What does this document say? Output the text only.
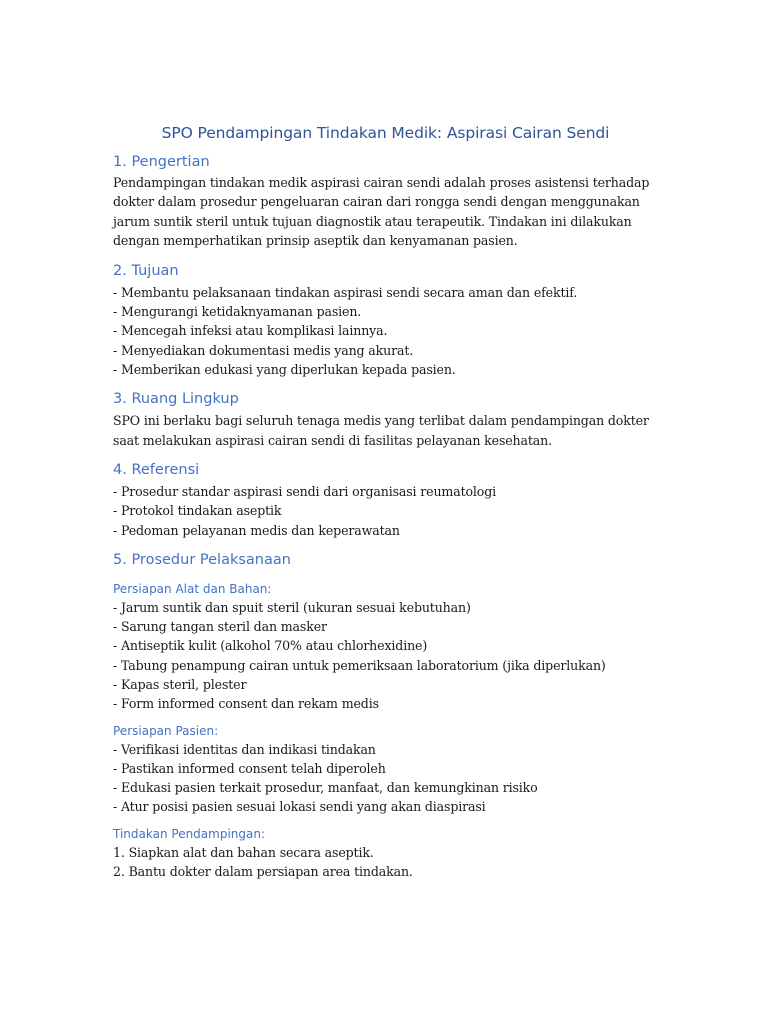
SPO Pendampingan Tindakan Medik: Aspirasi Cairan Sendi
1. Pengertian

Pendampingan tindakan medik aspirasi cairan sendi adalah proses asistensi terhadap dokter dalam prosedur pengeluaran cairan dari rongga sendi dengan menggunakan jarum suntik steril untuk tujuan diagnostik atau terapeutik. Tindakan ini dilakukan dengan memperhatikan prinsip aseptik dan kenyamanan pasien.

2. Tujuan
- Membantu pelaksanaan tindakan aspirasi sendi secara aman dan efektif.
- Mengurangi ketidaknyamanan pasien.
- Mencegah infeksi atau komplikasi lainnya.
- Menyediakan dokumentasi medis yang akurat.
- Memberikan edukasi yang diperlukan kepada pasien.
3. Ruang Lingkup

SPO ini berlaku bagi seluruh tenaga medis yang terlibat dalam pendampingan dokter saat melakukan aspirasi cairan sendi di fasilitas pelayanan kesehatan.

4. Referensi
- Prosedur standar aspirasi sendi dari organisasi reumatologi
- Protokol tindakan aseptik
- Pedoman pelayanan medis dan keperawatan
5. Prosedur Pelaksanaan
Persiapan Alat dan Bahan:
- Jarum suntik dan spuit steril (ukuran sesuai kebutuhan)
- Sarung tangan steril dan masker
- Antiseptik kulit (alkohol 70% atau chlorhexidine)
- Tabung penampung cairan untuk pemeriksaan laboratorium (jika diperlukan)
- Kapas steril, plester
- Form informed consent dan rekam medis
Persiapan Pasien:
- Verifikasi identitas dan indikasi tindakan
- Pastikan informed consent telah diperoleh
- Edukasi pasien terkait prosedur, manfaat, dan kemungkinan risiko
- Atur posisi pasien sesuai lokasi sendi yang akan diaspirasi
Tindakan Pendampingan:
1. Siapkan alat dan bahan secara aseptik.
2. Bantu dokter dalam persiapan area tindakan.
